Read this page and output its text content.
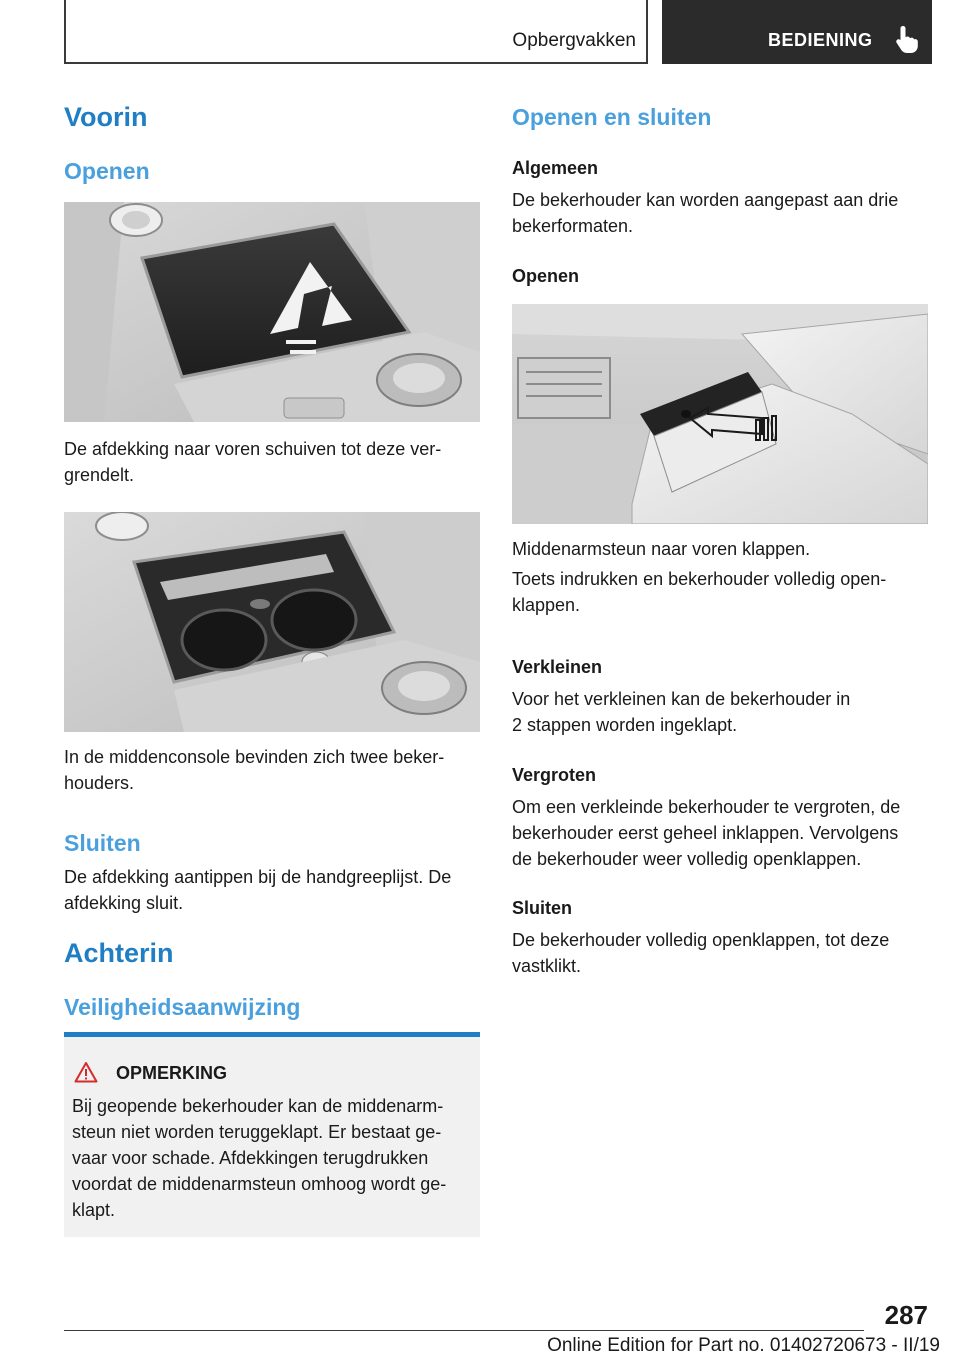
Opbergvakken	BEDIENING
Voorin
Openen
De afdekking naar voren schuiven tot deze ver-
grendelt.
In de middenconsole bevinden zich twee beker-
houders.
Sluiten
De afdekking aantippen bij de handgreeplijst. De
afdekking sluit.
Achterin
Veiligheidsaanwijzing
OPMERKING
Bij geopende bekerhouder kan de middenarm-
steun niet worden teruggeklapt. Er bestaat ge-
vaar voor schade. Afdekkingen terugdrukken
voordat de middenarmsteun omhoog wordt ge-
klapt.
Openen en sluiten
Algemeen
De bekerhouder kan worden aangepast aan drie
bekerformaten.
Openen
Middenarmsteun naar voren klappen.
Toets indrukken en bekerhouder volledig open-
klappen.
Verkleinen
Voor het verkleinen kan de bekerhouder in
2 stappen worden ingeklapt.
Vergroten
Om een verkleinde bekerhouder te vergroten, de
bekerhouder eerst geheel inklappen. Vervolgens
de bekerhouder weer volledig openklappen.
Sluiten
De bekerhouder volledig openklappen, tot deze
vastklikt.
287
Online Edition for Part no. 01402720673 - II/19
